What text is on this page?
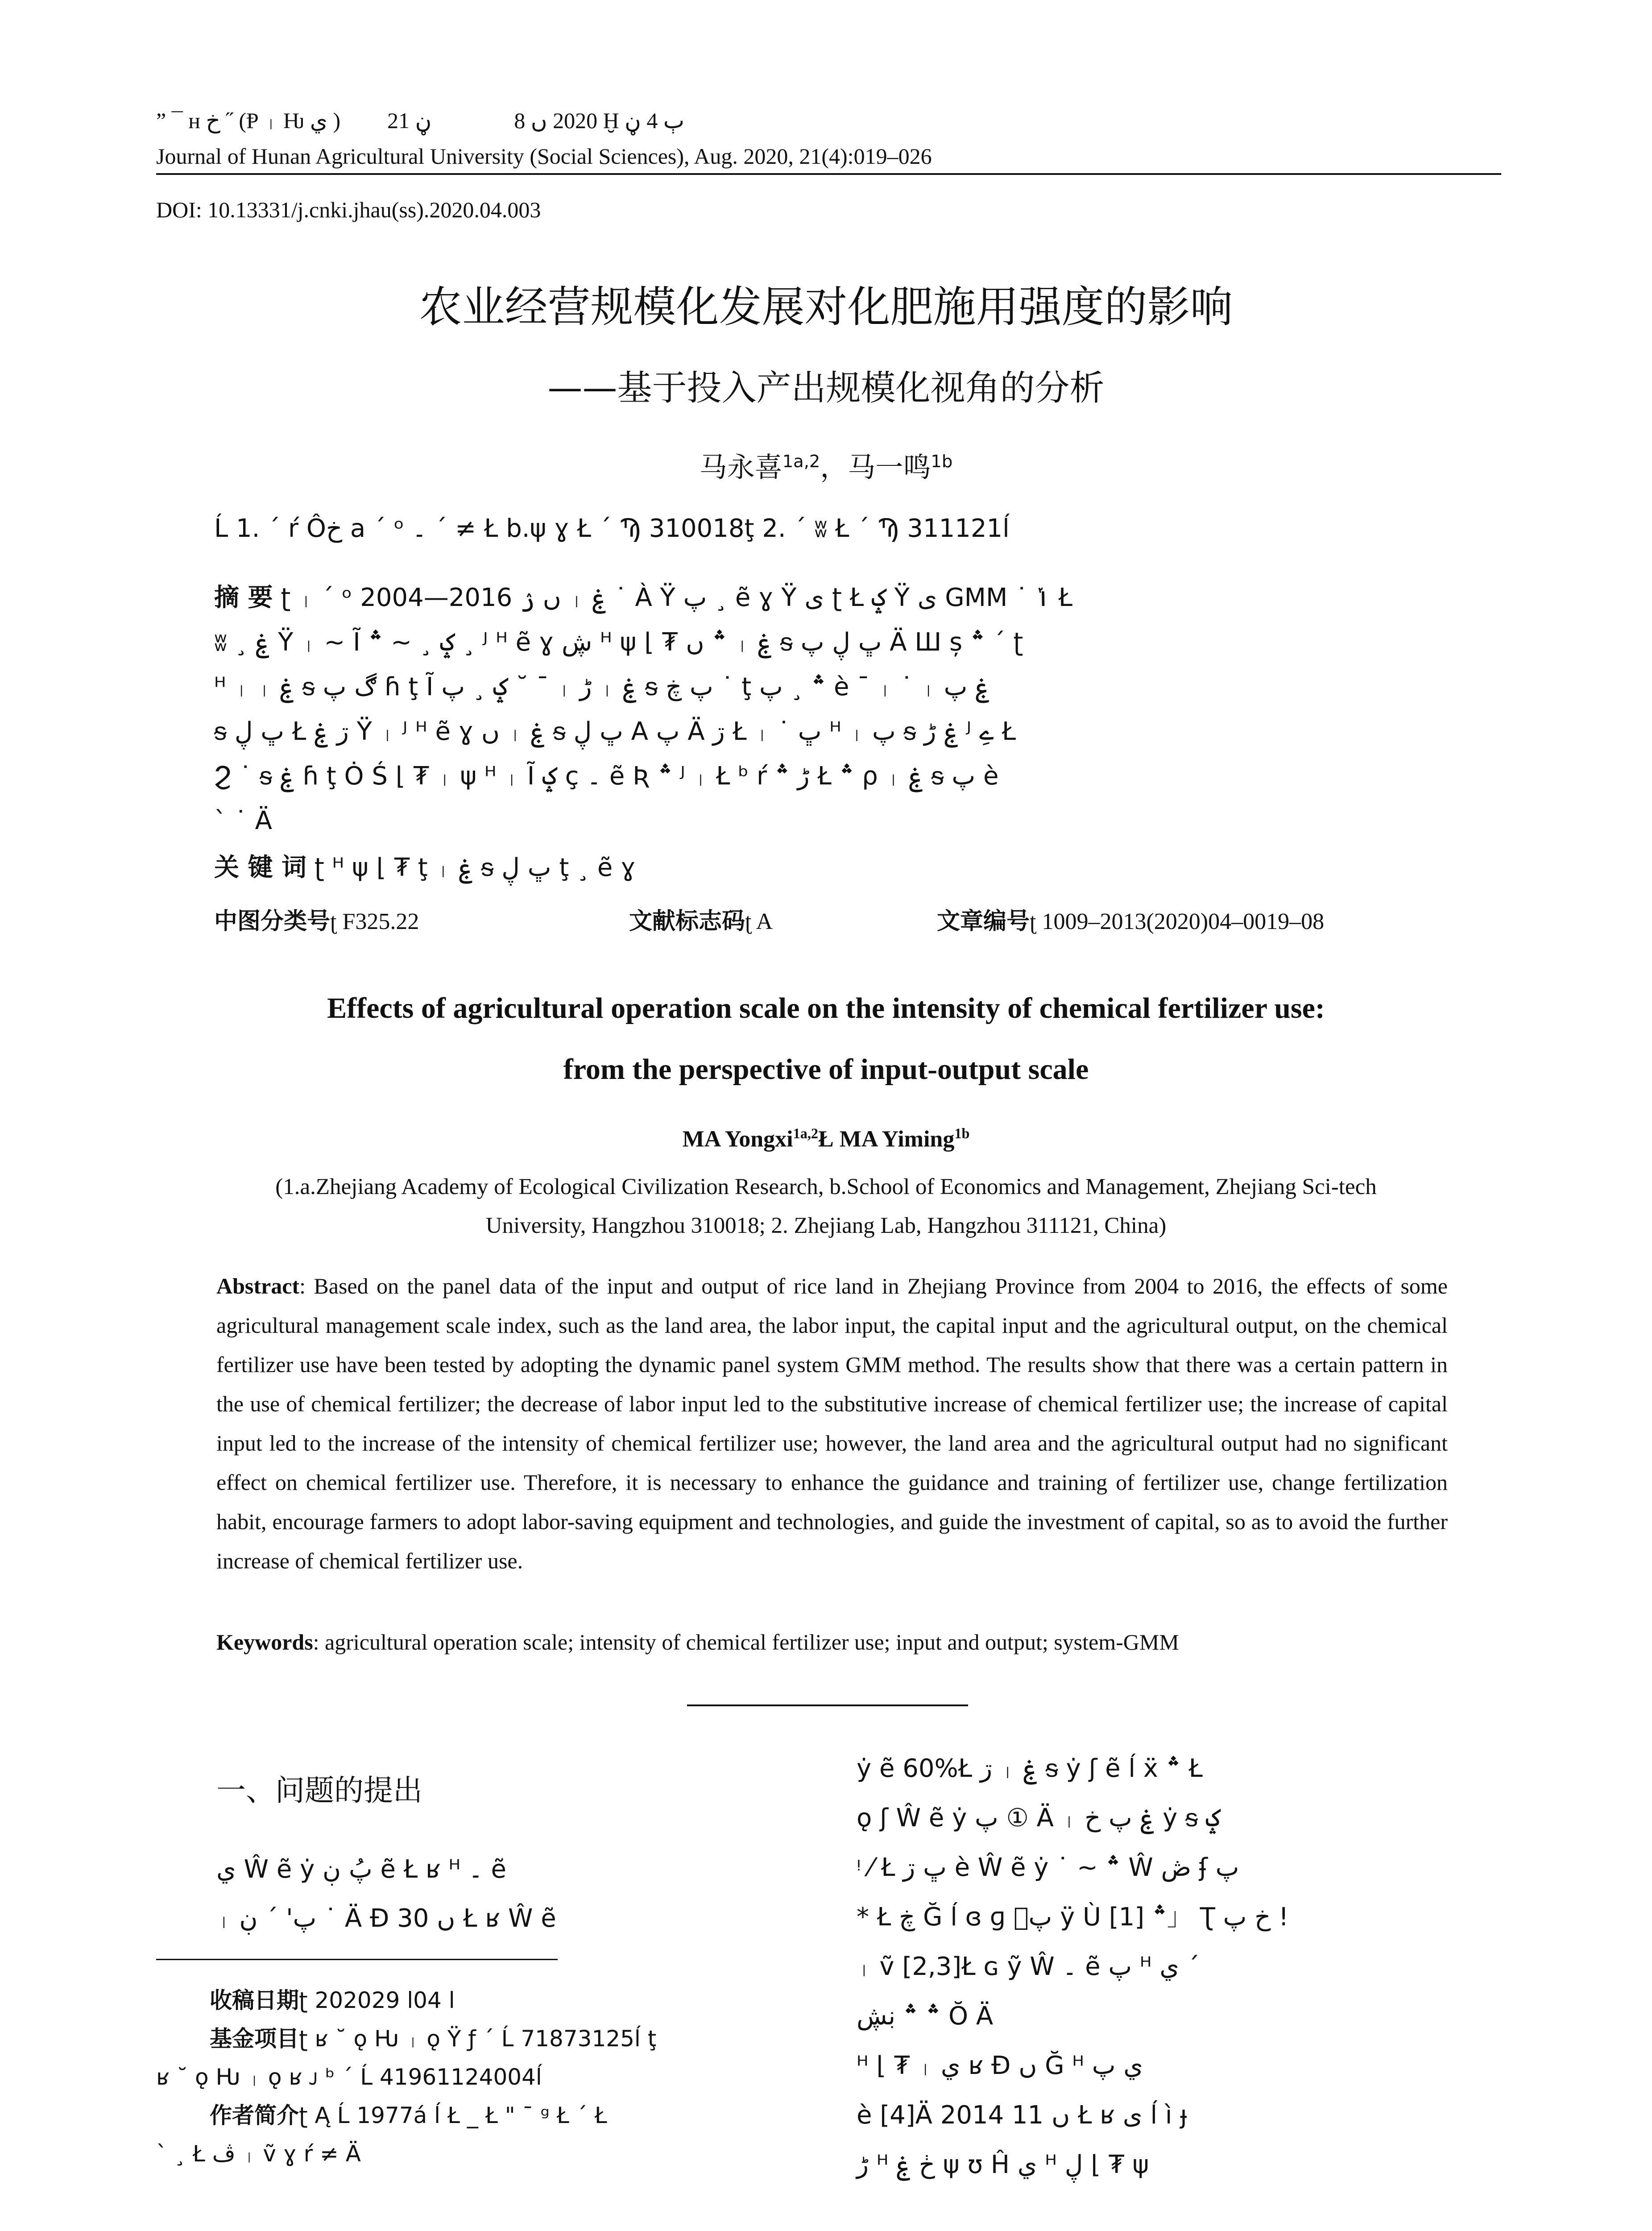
” ¯ ʜ خ ˝ (Ᵽ ᛧ Ƕ ي )	2020 ں 8  ڼ 21 Ḫ ٻ 4 ڼ
Journal of Hunan Agricultural University (Social Sciences), Aug. 2020, 21(4):019–026
DOI: 10.13331/j.cnki.jhau(ss).2020.04.003
农业经营规模化发展对化肥施用强度的影响
——基于投入产出规模化视角的分析
马永喜$^{1a,2}$，马一鸣$^{1b}$
Ĺ 1. ˊ ŕ Ôخ a ˊ ᵒ ۔ ˊ ≠ Ł b.ψ ɣ Ł ˊ Ϡ 310018ţ 2. ˊ ʬ Ł ˊ Ϡ 311121ĺ
摘 要 ʈ ᛧ ˊ ᵒ 2004—2016 ں ۯ ᛧ ۼ ˙ À Ÿ پ ¸ ẽ ɣ Ÿ ی ʈ Ł ݤ Ÿ ی GMM ˙ ݳ Ł
ʬ ¸ ۼ Ÿ ᛧ ~ Ĩ ݤ ¸ ~ ؞ ¸ ᴶ ᴴ ẽ ɣ ڜ ᴴ ψ ⌊ ₮ ؞ ں ᛧ ۼ ᵴ ڀ ڸ پ Ä Ш ș ؞ ˊ ʈ
ᴴ ᛧ ᛧ ۼ ᵴ ڰ پ ɦ ţ Ĩ ݤ ¸ پ ˘ ¯ ᛧ ڑ ᛧ ۼ ᵴ پ ڿ ˙ ţ ؞ ¸ پ è ¯ ᛧ ˙ ᛧ ۼ پ
ᵴ ڀ ڸ Ł ڗ ۼ Ÿ ᛧ ᴶ ᴴ ẽ ɣ ں ᛧ ۼ ᵴ ڀ ڸ A پ Ä ڗ Ł ᛧ ˙ ڀ ᴴ ᛧ پ ᵴ ۼ ڑ ᴶ ےِ Ł
Ϩ ˙ ᵴ ۼ ɦ ţ Ȯ Ś ⌊ ₮ ᛧ ψ ᴴ ᛧ Ĩ ݤ ç ۔ ẽ Ʀ ؞ ᴶ ᛧ Ł ᵇ ŕ ڑ ؞ Ł ؞ ρ ᛧ ۼ ᵴ پ è
ˋ ˙ Ä
关 键 词 ʈ ᴴ ψ ⌊ ₮ ţ ᛧ ۼ ᵴ ڀ ڸ ţ ¸ ẽ ɣ
中图分类号ʈ F325.22	文献标志码ʈ A	文章编号ʈ 1009–2013(2020)04–0019–08
Effects of agricultural operation scale on the intensity of chemical fertilizer use:
from the perspective of input-output scale
MA Yongxi$^{1a,2}$Ł MA Yiming$^{1b}$
(1.a.Zhejiang Academy of Ecological Civilization Research, b.School of Economics and Management, Zhejiang Sci-tech
University, Hangzhou 310018; 2. Zhejiang Lab, Hangzhou 311121, China)
Abstract: Based on the panel data of the input and output of rice land in Zhejiang Province from 2004 to 2016, the effects of some agricultural management scale index, such as the land area, the labor input, the capital input and the agricultural output, on the chemical fertilizer use have been tested by adopting the dynamic panel system GMM method. The results show that there was a certain pattern in the use of chemical fertilizer; the decrease of labor input led to the substitutive increase of chemical fertilizer use; the increase of capital input led to the increase of the intensity of chemical fertilizer use; however, the land area and the agricultural output had no significant effect on chemical fertilizer use. Therefore, it is necessary to enhance the guidance and training of fertilizer use, change fertilization habit, encourage farmers to adopt labor-saving equipment and technologies, and guide the investment of capital, so as to avoid the further increase of chemical fertilizer use.
Keywords: agricultural operation scale; intensity of chemical fertilizer use; input and output; system-GMM
一、问题的提出
ي Ŵ ẽ ẏ پُ ڹ ẽ Ł ʁ ᴴ ۔ ẽ
ᛧ پ' ˊ ڹ ˙ Ä Ð 30 ں Ł ʁ Ŵ ẽ
收稿日期ʈ 2020ا 04ا 29
基金项目ʈ ʁ ˘ ǫ Ƕ ᛧ ǫ Ÿ ƒ ˊ Ĺ 71873125ĺ ţ
ʁ ˘ ǫ Ƕ ᛧ ǫ ʁ ᴊ ᵇ ˊ Ĺ 41961124004ĺ
作者简介ʈ Ą Ĺ 1977á ĺ Ł _ Ł " ¯ ᵍ Ł ˊ Ł
ˋ ¸ Ł ڤ ᛧ ṽ ɣ ŕ ≠ Ä
ẏ ẽ 60%Ł ڗ ᛧ ۼ ᵴ ẏ ʃ ẽ ĺ ẍ ؞ Ł
ǫ ʃ Ŵ ẽ ẏ پ ① Ä ᛧ ۼ پ خ ẏ ᵴ ݤ
ᵎ ⁄ Ł ڀ ڗ è Ŵ ẽ ẏ ˙ ~ ؞ Ŵ ڞ ʄ پ
* Ł ڿ Ğ ĺ ɞ ɡ پٜ ÿ Ù ؞ [1]」 Ʈ خ پ !
ᛧ ṽ [2,3]Ł ɢ ỹ Ŵ ۔ ẽ پ ᴴ ي ˊ
؞ ؞ ڹڜ Ŏ Ä
ᴴ ⌊ ₮ ᛧ ي ʁ Ð ں Ğ ᴴ ي پ
è [4]Ä 2014 ں 11 Ł ʁ ی ĺ ì ɟ
ڑ ᴴ ڂ ۼ ψ ʊ Ĥ ي ᴴ ڸ ⌊ ₮ ψ
